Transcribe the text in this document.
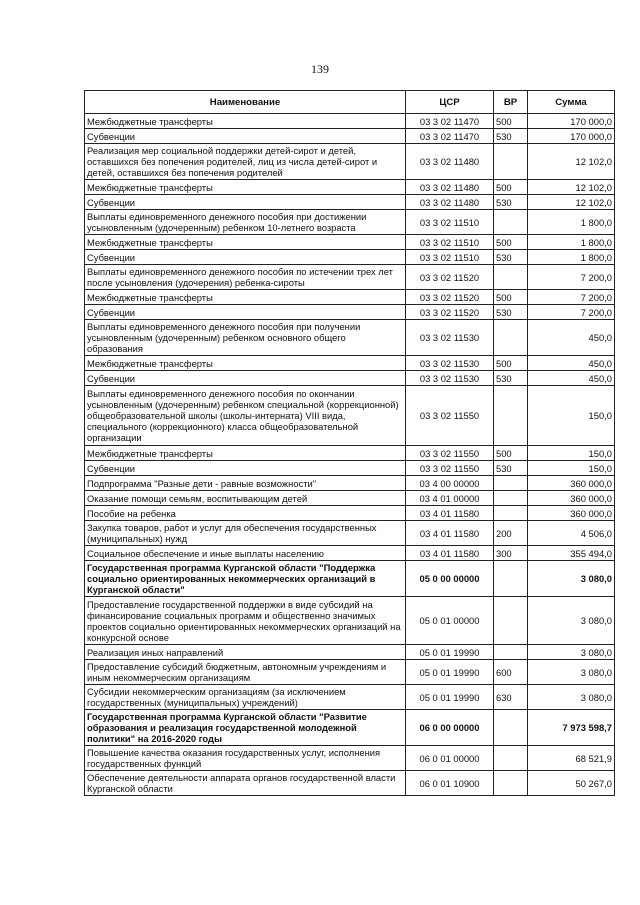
139
Наименование	ЦСР	ВР	Сумма
Межбюджетные трансферты	03 3 02 11470	500	170 000,0
Субвенции	03 3 02 11470	530	170 000,0
Реализация мер социальной поддержки детей-сирот и детей, оставшихся без попечения родителей, лиц из числа детей-сирот и детей, оставшихся без попечения родителей	03 3 02 11480		12 102,0
Межбюджетные трансферты	03 3 02 11480	500	12 102,0
Субвенции	03 3 02 11480	530	12 102,0
Выплаты единовременного денежного пособия при достижении усыновленным (удочеренным) ребенком 10-летнего возраста	03 3 02 11510		1 800,0
Межбюджетные трансферты	03 3 02 11510	500	1 800,0
Субвенции	03 3 02 11510	530	1 800,0
Выплаты единовременного денежного пособия по истечении трех лет после усыновления (удочерения) ребенка-сироты	03 3 02 11520		7 200,0
Межбюджетные трансферты	03 3 02 11520	500	7 200,0
Субвенции	03 3 02 11520	530	7 200,0
Выплаты единовременного денежного пособия при получении усыновленным (удочеренным) ребенком основного общего образования	03 3 02 11530		450,0
Межбюджетные трансферты	03 3 02 11530	500	450,0
Субвенции	03 3 02 11530	530	450,0
Выплаты единовременного денежного пособия по окончании усыновленным (удочеренным) ребенком специальной (коррекционной) общеобразовательной школы (школы-интерната) VIII вида, специального (коррекционного) класса общеобразовательной организации	03 3 02 11550		150,0
Межбюджетные трансферты	03 3 02 11550	500	150,0
Субвенции	03 3 02 11550	530	150,0
Подпрограмма "Разные дети - равные возможности"	03 4 00 00000		360 000,0
Оказание помощи семьям, воспитывающим детей	03 4 01 00000		360 000,0
Пособие на ребенка	03 4 01 11580		360 000,0
Закупка товаров, работ и услуг для обеспечения государственных (муниципальных) нужд	03 4 01 11580	200	4 506,0
Социальное обеспечение и иные выплаты населению	03 4 01 11580	300	355 494,0
Государственная программа Курганской области "Поддержка социально ориентированных некоммерческих организаций в Курганской области"	05 0 00 00000		3 080,0
Предоставление государственной поддержки в виде субсидий на финансирование социальных программ и общественно значимых проектов социально ориентированных некоммерческих организаций на конкурсной основе	05 0 01 00000		3 080,0
Реализация иных направлений	05 0 01 19990		3 080,0
Предоставление субсидий бюджетным, автономным учреждениям и иным некоммерческим организациям	05 0 01 19990	600	3 080,0
Субсидии некоммерческим организациям (за исключением государственных (муниципальных) учреждений)	05 0 01 19990	630	3 080,0
Государственная программа Курганской области "Развитие образования и реализация государственной молодежной политики" на 2016-2020 годы	06 0 00 00000		7 973 598,7
Повышение качества оказания государственных услуг, исполнения государственных функций	06 0 01 00000		68 521,9
Обеспечение деятельности аппарата органов государственной власти Курганской области	06 0 01 10900		50 267,0
